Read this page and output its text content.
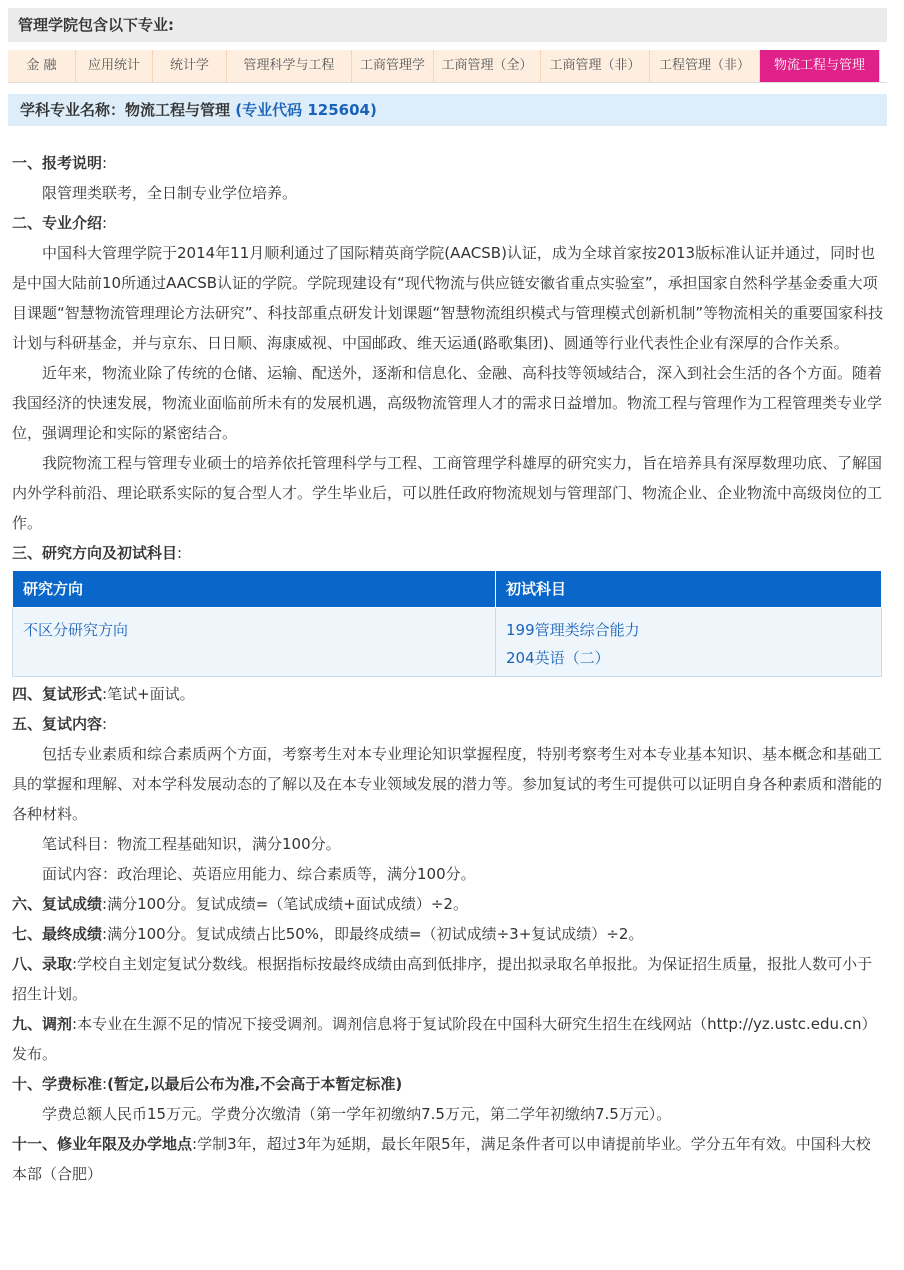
管理学院包含以下专业:
金 融	应用统计	统计学	管理科学与工程	工商管理学	工商管理（全）	工商管理（非）	工程管理（非）	物流工程与管理
学科专业名称：物流工程与管理 (专业代码 125604)

一、报考说明:

限管理类联考，全日制专业学位培养。

二、专业介绍:

中国科大管理学院于2014年11月顺利通过了国际精英商学院(AACSB)认证，成为全球首家按2013版标准认证并通过，同时也是中国大陆前10所通过AACSB认证的学院。学院现建设有“现代物流与供应链安徽省重点实验室”，承担国家自然科学基金委重大项目课题“智慧物流管理理论方法研究”、科技部重点研发计划课题“智慧物流组织模式与管理模式创新机制”等物流相关的重要国家科技计划与科研基金，并与京东、日日顺、海康威视、中国邮政、维天运通(路歌集团)、圆通等行业代表性企业有深厚的合作关系。

近年来，物流业除了传统的仓储、运输、配送外，逐渐和信息化、金融、高科技等领域结合，深入到社会生活的各个方面。随着我国经济的快速发展，物流业面临前所未有的发展机遇，高级物流管理人才的需求日益增加。物流工程与管理作为工程管理类专业学位，强调理论和实际的紧密结合。

我院物流工程与管理专业硕士的培养依托管理科学与工程、工商管理学科雄厚的研究实力，旨在培养具有深厚数理功底、了解国内外学科前沿、理论联系实际的复合型人才。学生毕业后，可以胜任政府物流规划与管理部门、物流企业、企业物流中高级岗位的工作。

三、研究方向及初试科目:

研究方向	初试科目
不区分研究方向	199管理类综合能力
204英语（二）

四、复试形式:笔试+面试。

五、复试内容:

包括专业素质和综合素质两个方面，考察考生对本专业理论知识掌握程度，特别考察考生对本专业基本知识、基本概念和基础工具的掌握和理解、对本学科发展动态的了解以及在本专业领域发展的潜力等。参加复试的考生可提供可以证明自身各种素质和潜能的各种材料。

笔试科目：物流工程基础知识，满分100分。

面试内容：政治理论、英语应用能力、综合素质等，满分100分。

六、复试成绩:满分100分。复试成绩=（笔试成绩+面试成绩）÷2。

七、最终成绩:满分100分。复试成绩占比50%，即最终成绩=（初试成绩÷3+复试成绩）÷2。

八、录取:学校自主划定复试分数线。根据指标按最终成绩由高到低排序，提出拟录取名单报批。为保证招生质量，报批人数可小于招生计划。

九、调剂:本专业在生源不足的情况下接受调剂。调剂信息将于复试阶段在中国科大研究生招生在线网站（http://yz.ustc.edu.cn）发布。

十、学费标准:(暂定,以最后公布为准,不会高于本暂定标准)

学费总额人民币15万元。学费分次缴清（第一学年初缴纳7.5万元，第二学年初缴纳7.5万元）。

十一、修业年限及办学地点:学制3年，超过3年为延期，最长年限5年，满足条件者可以申请提前毕业。学分五年有效。中国科大校本部（合肥）
